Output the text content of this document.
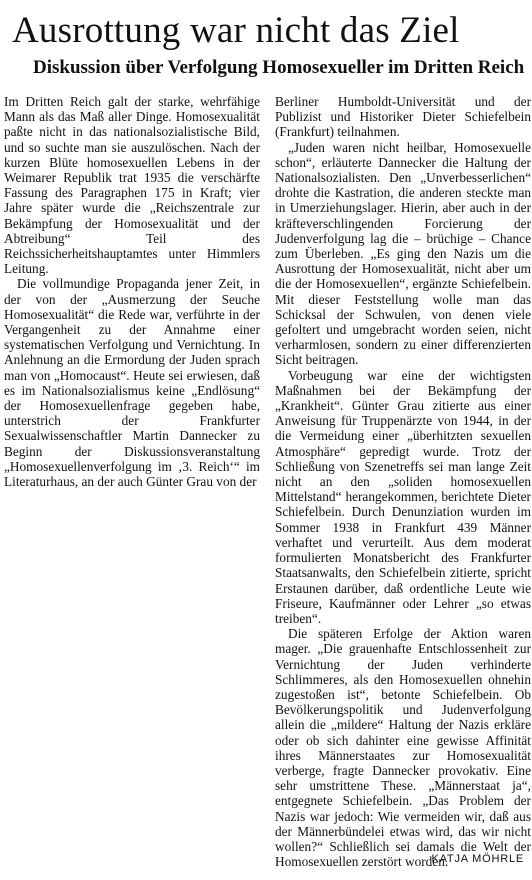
Ausrottung war nicht das Ziel
Diskussion über Verfolgung Homosexueller im Dritten Reich

Im Dritten Reich galt der starke, wehrfähige Mann als das Maß aller Dinge. Homosexualität paßte nicht in das nationalsozialistische Bild, und so suchte man sie auszulöschen. Nach der kurzen Blüte homosexuellen Lebens in der Weimarer Republik trat 1935 die verschärfte Fassung des Paragraphen 175 in Kraft; vier Jahre später wurde die „Reichszentrale zur Bekämpfung der Homosexualität und der Abtreibung“ Teil des Reichssicherheitshauptamtes unter Himmlers Leitung.

Die vollmundige Propaganda jener Zeit, in der von der „Ausmerzung der Seuche Homosexualität“ die Rede war, verführte in der Vergangenheit zu der Annahme einer systematischen Verfolgung und Vernichtung. In Anlehnung an die Ermordung der Juden sprach man von „Homocaust“. Heute sei erwiesen, daß es im Nationalsozialismus keine „Endlösung“ der Homosexuellenfrage gegeben habe, unterstrich der Frankfurter Sexualwissenschaftler Martin Dannecker zu Beginn der Diskussionsveranstaltung „Homosexuellenverfolgung im ‚3. Reich‘“ im Literaturhaus, an der auch Günter Grau von der

Berliner Humboldt-Universität und der Publizist und Historiker Dieter Schiefelbein (Frankfurt) teilnahmen.

„Juden waren nicht heilbar, Homosexuelle schon“, erläuterte Dannecker die Haltung der Nationalsozialisten. Den „Unverbesserlichen“ drohte die Kastration, die anderen steckte man in Umerziehungslager. Hierin, aber auch in der kräfteverschlingenden Forcierung der Judenverfolgung lag die – brüchige – Chance zum Überleben. „Es ging den Nazis um die Ausrottung der Homosexualität, nicht aber um die der Homosexuellen“, ergänzte Schiefelbein. Mit dieser Feststellung wolle man das Schicksal der Schwulen, von denen viele gefoltert und umgebracht worden seien, nicht verharmlosen, sondern zu einer differenzierten Sicht beitragen.

Vorbeugung war eine der wichtigsten Maßnahmen bei der Bekämpfung der „Krankheit“. Günter Grau zitierte aus einer Anweisung für Truppenärzte von 1944, in der die Vermeidung einer „überhitzten sexuellen Atmosphäre“ gepredigt wurde. Trotz der Schließung von Szenetreffs sei man lange Zeit nicht an den „soliden homosexuellen Mittelstand“ herangekommen, berichtete Dieter Schiefelbein. Durch Denunziation wurden im Sommer 1938 in Frankfurt 439 Männer verhaftet und verurteilt. Aus dem moderat formulierten Monatsbericht des Frankfurter Staatsanwalts, den Schiefelbein zitierte, spricht Erstaunen darüber, daß ordentliche Leute wie Friseure, Kaufmänner oder Lehrer „so etwas treiben“.

Die späteren Erfolge der Aktion waren mager. „Die grauenhafte Entschlossenheit zur Vernichtung der Juden verhinderte Schlimmeres, als den Homosexuellen ohnehin zugestoßen ist“, betonte Schiefelbein. Ob Bevölkerungspolitik und Judenverfolgung allein die „mildere“ Haltung der Nazis erkläre oder ob sich dahinter eine gewisse Affinität ihres Männerstaates zur Homosexualität verberge, fragte Dannecker provokativ. Eine sehr umstrittene These. „Männerstaat ja“, entgegnete Schiefelbein. „Das Problem der Nazis war jedoch: Wie vermeiden wir, daß aus der Männerbündelei etwas wird, das wir nicht wollen?“ Schließlich sei damals die Welt der Homosexuellen zerstört worden.

KATJA MÖHRLE
